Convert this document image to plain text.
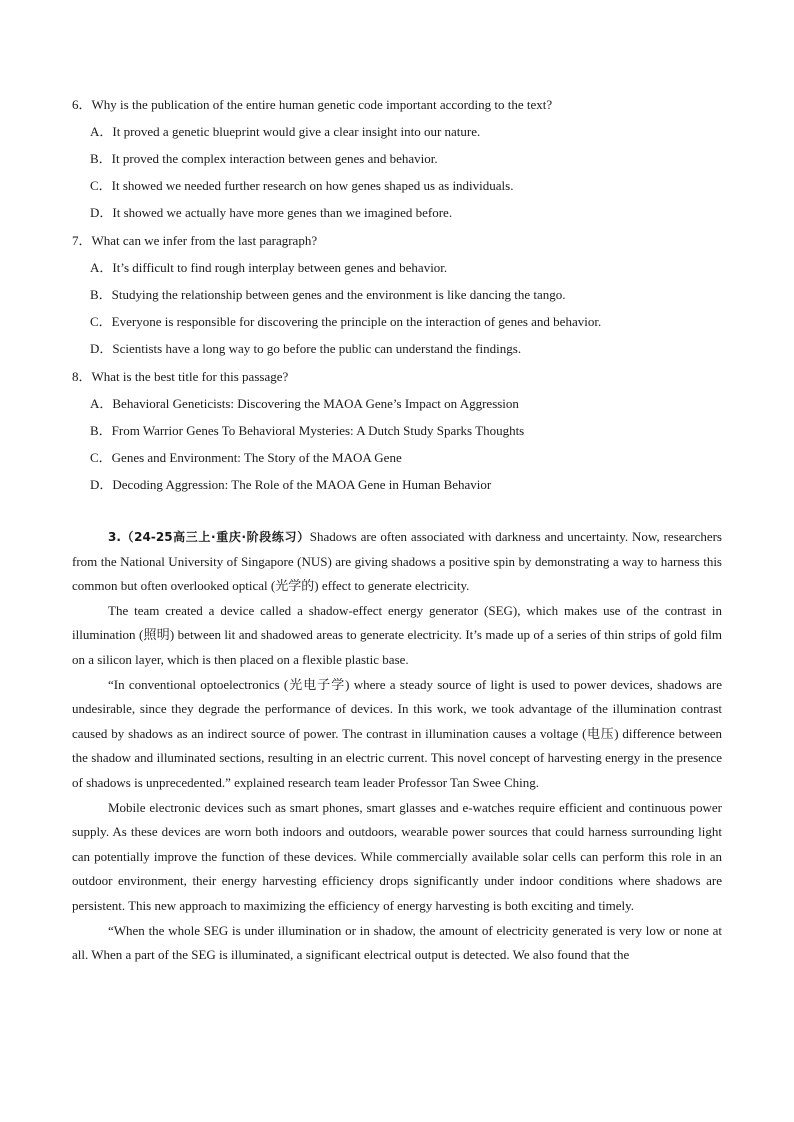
6．Why is the publication of the entire human genetic code important according to the text?
A．It proved a genetic blueprint would give a clear insight into our nature.
B．It proved the complex interaction between genes and behavior.
C．It showed we needed further research on how genes shaped us as individuals.
D．It showed we actually have more genes than we imagined before.
7．What can we infer from the last paragraph?
A．It’s difficult to find rough interplay between genes and behavior.
B．Studying the relationship between genes and the environment is like dancing the tango.
C．Everyone is responsible for discovering the principle on the interaction of genes and behavior.
D．Scientists have a long way to go before the public can understand the findings.
8．What is the best title for this passage?
A．Behavioral Geneticists: Discovering the MAOA Gene’s Impact on Aggression
B．From Warrior Genes To Behavioral Mysteries: A Dutch Study Sparks Thoughts
C．Genes and Environment: The Story of the MAOA Gene
D．Decoding Aggression: The Role of the MAOA Gene in Human Behavior

3.（24-25高三上·重庆·阶段练习）Shadows are often associated with darkness and uncertainty. Now, researchers from the National University of Singapore (NUS) are giving shadows a positive spin by demonstrating a way to harness this common but often overlooked optical (光学的) effect to generate electricity.

The team created a device called a shadow-effect energy generator (SEG), which makes use of the contrast in illumination (照明) between lit and shadowed areas to generate electricity. It’s made up of a series of thin strips of gold film on a silicon layer, which is then placed on a flexible plastic base.

“In conventional optoelectronics (光电子学) where a steady source of light is used to power devices, shadows are undesirable, since they degrade the performance of devices. In this work, we took advantage of the illumination contrast caused by shadows as an indirect source of power. The contrast in illumination causes a voltage (电压) difference between the shadow and illuminated sections, resulting in an electric current. This novel concept of harvesting energy in the presence of shadows is unprecedented.” explained research team leader Professor Tan Swee Ching.

Mobile electronic devices such as smart phones, smart glasses and e-watches require efficient and continuous power supply. As these devices are worn both indoors and outdoors, wearable power sources that could harness surrounding light can potentially improve the function of these devices. While commercially available solar cells can perform this role in an outdoor environment, their energy harvesting efficiency drops significantly under indoor conditions where shadows are persistent. This new approach to maximizing the efficiency of energy harvesting is both exciting and timely.

“When the whole SEG is under illumination or in shadow, the amount of electricity generated is very low or none at all. When a part of the SEG is illuminated, a significant electrical output is detected. We also found that the
